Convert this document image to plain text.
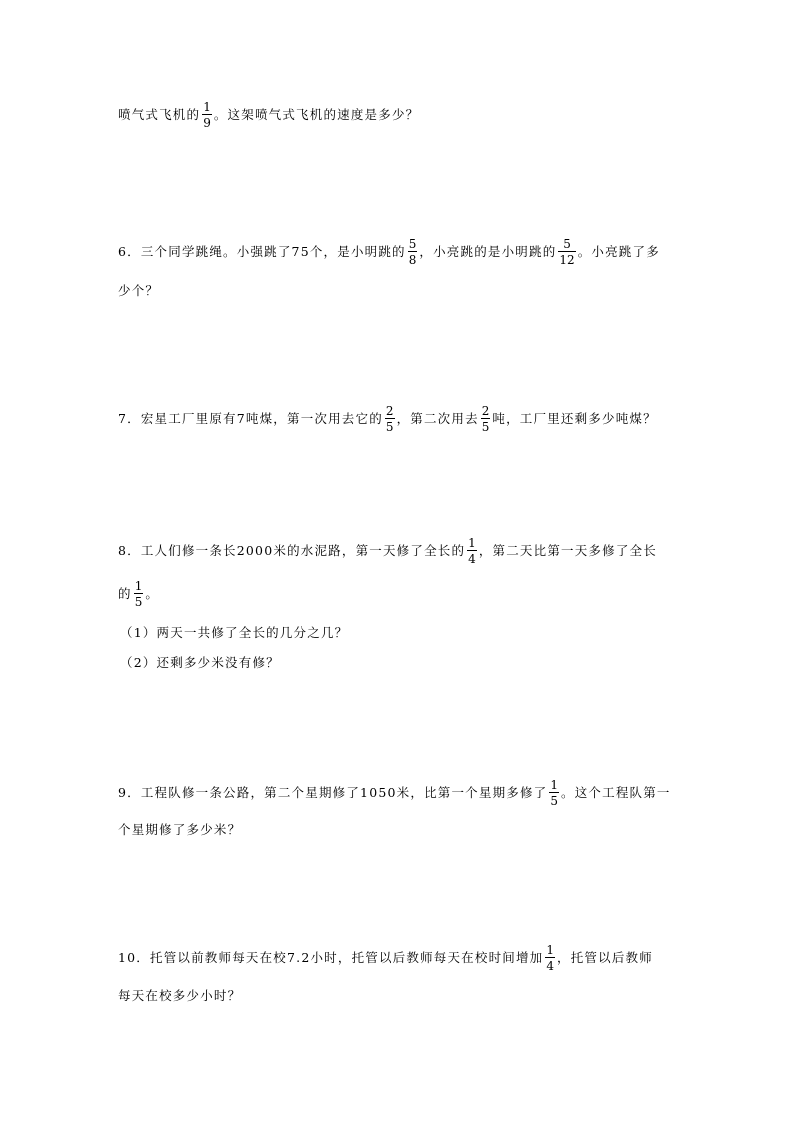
喷气式飞机的 $\frac{1}{9}$ 。这架喷气式飞机的速度是多少？
6．三个同学跳绳。小强跳了75个，是小明跳的 $\frac{5}{8}$ ，小亮跳的是小明跳的 $\frac{5}{12}$ 。小亮跳了多
少个？
7．宏星工厂里原有7吨煤，第一次用去它的 $\frac{2}{5}$ ，第二次用去 $\frac{2}{5}$ 吨，工厂里还剩多少吨煤？
8．工人们修一条长2000米的水泥路，第一天修了全长的 $\frac{1}{4}$ ，第二天比第一天多修了全长
的 $\frac{1}{5}$ 。
（1）两天一共修了全长的几分之几？
（2）还剩多少米没有修？
9．工程队修一条公路，第二个星期修了1050米，比第一个星期多修了 $\frac{1}{5}$ 。这个工程队第一
个星期修了多少米？
10．托管以前教师每天在校7.2小时，托管以后教师每天在校时间增加 $\frac{1}{4}$ ，托管以后教师
每天在校多少小时？
